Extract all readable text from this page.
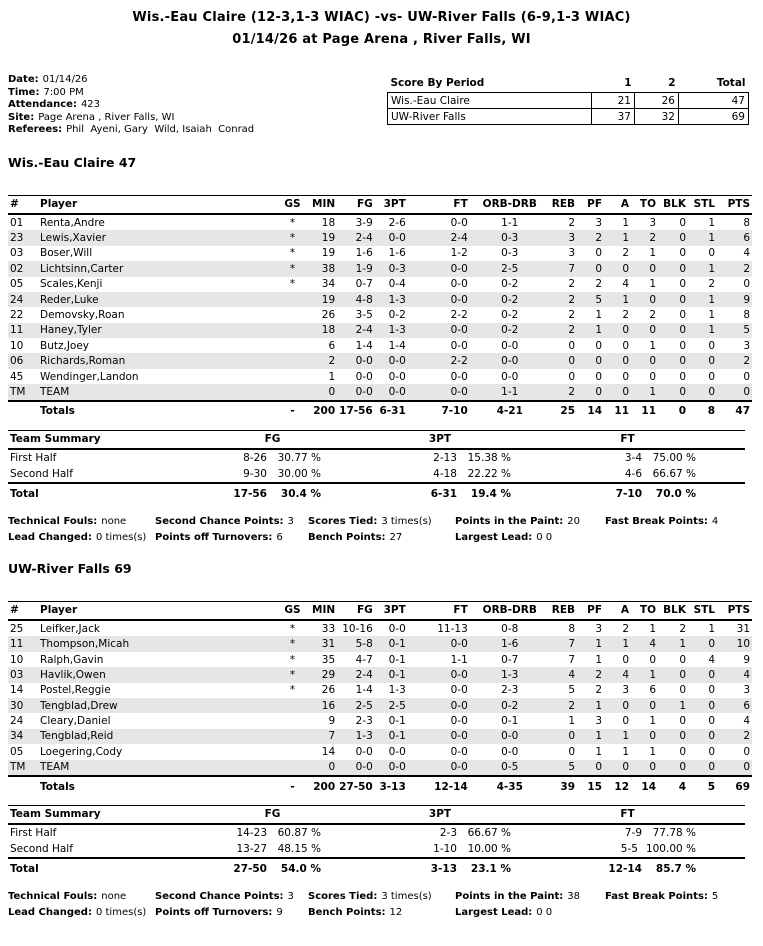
Wis.-Eau Claire (12-3,1-3 WIAC) -vs- UW-River Falls (6-9,1-3 WIAC)
01/14/26 at Page Arena , River Falls, WI
Date: 01/14/26
Time: 7:00 PM
Attendance: 423
Site: Page Arena , River Falls, WI
Referees: Phil  Ayeni, Gary  Wild, Isaiah  Conrad
Score By Period	1	2	Total
Wis.-Eau Claire	21	26	47
UW-River Falls	37	32	69
Wis.-Eau Claire 47
#	Player	GS	MIN	FG	3PT	FT	ORB-DRB	REB	PF	A	TO	BLK	STL	PTS
01	Renta,Andre	*	18	3-9	2-6	0-0	1-1	2	3	1	3	0	1	8
23	Lewis,Xavier	*	19	2-4	0-0	2-4	0-3	3	2	1	2	0	1	6
03	Boser,Will	*	19	1-6	1-6	1-2	0-3	3	0	2	1	0	0	4
02	Lichtsinn,Carter	*	38	1-9	0-3	0-0	2-5	7	0	0	0	0	1	2
05	Scales,Kenji	*	34	0-7	0-4	0-0	0-2	2	2	4	1	0	2	0
24	Reder,Luke		19	4-8	1-3	0-0	0-2	2	5	1	0	0	1	9
22	Demovsky,Roan		26	3-5	0-2	2-2	0-2	2	1	2	2	0	1	8
11	Haney,Tyler		18	2-4	1-3	0-0	0-2	2	1	0	0	0	1	5
10	Butz,Joey		6	1-4	1-4	0-0	0-0	0	0	0	1	0	0	3
06	Richards,Roman		2	0-0	0-0	2-2	0-0	0	0	0	0	0	0	2
45	Wendinger,Landon		1	0-0	0-0	0-0	0-0	0	0	0	0	0	0	0
TM	TEAM		0	0-0	0-0	0-0	1-1	2	0	0	1	0	0	0
	Totals	-	200	17-56	6-31	7-10	4-21	25	14	11	11	0	8	47
Team Summary	FG	3PT	FT	
First Half	8-26 30.77 %	2-13 15.38 %	3-4 75.00 %	

Second Half	9-30 30.00 %	4-18 22.22 %	4-6 66.67 %	

Total	17-56 30.4 %	6-31 19.4 %	7-10 70.0 %	

Technical Fouls: none	Second Chance Points: 3	Scores Tied: 3 times(s)	Points in the Paint: 20	Fast Break Points: 4
Lead Changed: 0 times(s) Points off Turnovers: 6	Bench Points: 27	Largest Lead: 0 0
UW-River Falls 69
#	Player	GS	MIN	FG	3PT	FT	ORB-DRB	REB	PF	A	TO	BLK	STL	PTS
25	Leifker,Jack	*	33	10-16	0-0	11-13	0-8	8	3	2	1	2	1	31
11	Thompson,Micah	*	31	5-8	0-1	0-0	1-6	7	1	1	4	1	0	10
10	Ralph,Gavin	*	35	4-7	0-1	1-1	0-7	7	1	0	0	0	4	9
03	Havlik,Owen	*	29	2-4	0-1	0-0	1-3	4	2	4	1	0	0	4
14	Postel,Reggie	*	26	1-4	1-3	0-0	2-3	5	2	3	6	0	0	3
30	Tengblad,Drew		16	2-5	2-5	0-0	0-2	2	1	0	0	1	0	6
24	Cleary,Daniel		9	2-3	0-1	0-0	0-1	1	3	0	1	0	0	4
34	Tengblad,Reid		7	1-3	0-1	0-0	0-0	0	1	1	0	0	0	2
05	Loegering,Cody		14	0-0	0-0	0-0	0-0	0	1	1	1	0	0	0
TM	TEAM		0	0-0	0-0	0-0	0-5	5	0	0	0	0	0	0
	Totals	-	200	27-50	3-13	12-14	4-35	39	15	12	14	4	5	69
Team Summary	FG	3PT	FT	
First Half	14-23 60.87 %	2-3 66.67 %	7-9 77.78 %	

Second Half	13-27 48.15 %	1-10 10.00 %	5-5 100.00 %	

Total	27-50 54.0 %	3-13 23.1 %	12-14 85.7 %	

Technical Fouls: none	Second Chance Points: 3	Scores Tied: 3 times(s)	Points in the Paint: 38	Fast Break Points: 5
Lead Changed: 0 times(s) Points off Turnovers: 9	Bench Points: 12	Largest Lead: 0 0
